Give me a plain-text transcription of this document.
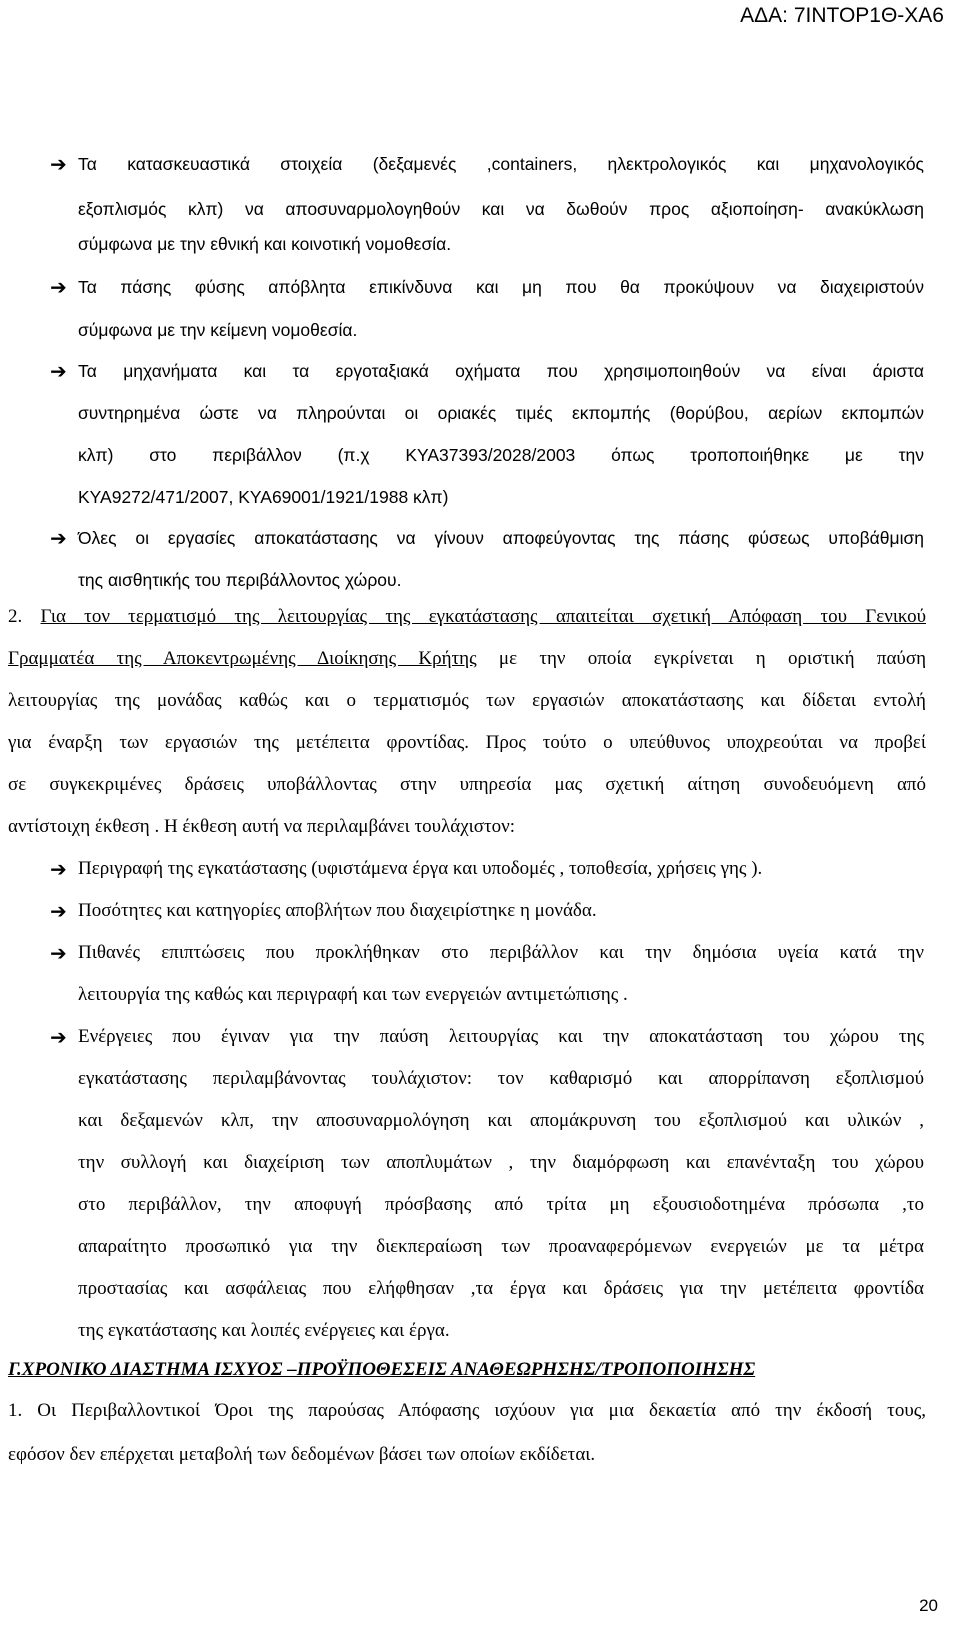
ΑΔΑ: 7ΙΝΤΟΡ1Θ-ΧΑ6
➔ Τα κατασκευαστικά στοιχεία (δεξαμενές ,containers, ηλεκτρολογικός και μηχανολογικός
εξοπλισμός κλπ) να αποσυναρμολογηθούν και να δωθούν προς αξιοποίηση- ανακύκλωση
σύμφωνα με την εθνική και κοινοτική νομοθεσία.
➔ Τα πάσης φύσης απόβλητα επικίνδυνα και μη που θα προκύψουν να διαχειριστούν
σύμφωνα με την κείμενη νομοθεσία.
➔ Τα μηχανήματα και τα εργοταξιακά οχήματα που χρησιμοποιηθούν να είναι άριστα
συντηρημένα ώστε να πληρούνται οι οριακές τιμές εκπομπής (θορύβου, αερίων εκπομπών
κλπ) στο περιβάλλον (π.χ ΚΥΑ37393/2028/2003 όπως τροποποιήθηκε με την
ΚΥΑ9272/471/2007, ΚΥΑ69001/1921/1988 κλπ)
➔ Όλες οι εργασίες αποκατάστασης να γίνουν αποφεύγοντας της πάσης φύσεως υποβάθμιση
της αισθητικής του περιβάλλοντος χώρου.
2. Για τον τερματισμό της λειτουργίας της εγκατάστασης απαιτείται σχετική Απόφαση του Γενικού
Γραμματέα της Αποκεντρωμένης Διοίκησης Κρήτης με την οποία εγκρίνεται η οριστική παύση
λειτουργίας της μονάδας καθώς και ο τερματισμός των εργασιών αποκατάστασης και δίδεται εντολή
για έναρξη των εργασιών της μετέπειτα φροντίδας. Προς τούτο ο υπεύθυνος υποχρεούται να προβεί
σε συγκεκριμένες δράσεις υποβάλλοντας στην υπηρεσία μας σχετική αίτηση συνοδευόμενη από
αντίστοιχη έκθεση . Η έκθεση αυτή να περιλαμβάνει τουλάχιστον:
➔ Περιγραφή της εγκατάστασης (υφιστάμενα έργα και υποδομές , τοποθεσία, χρήσεις γης ).
➔ Ποσότητες και κατηγορίες αποβλήτων που διαχειρίστηκε η μονάδα.
➔ Πιθανές επιπτώσεις που προκλήθηκαν στο περιβάλλον και την δημόσια υγεία κατά την
λειτουργία της καθώς και περιγραφή και των ενεργειών αντιμετώπισης .
➔ Ενέργειες που έγιναν για την παύση λειτουργίας και την αποκατάσταση του χώρου της
εγκατάστασης περιλαμβάνοντας τουλάχιστον: τον καθαρισμό και απορρίπανση εξοπλισμού
και δεξαμενών κλπ, την αποσυναρμολόγηση και απομάκρυνση του εξοπλισμού και υλικών ,
την συλλογή και διαχείριση των αποπλυμάτων , την διαμόρφωση και επανένταξη του χώρου
στο περιβάλλον, την αποφυγή πρόσβασης από τρίτα μη εξουσιοδοτημένα πρόσωπα ,το
απαραίτητο προσωπικό για την διεκπεραίωση των προαναφερόμενων ενεργειών με τα μέτρα
προστασίας και ασφάλειας που ελήφθησαν ,τα έργα και δράσεις για την μετέπειτα φροντίδα
της εγκατάστασης και λοιπές ενέργειες και έργα.
Γ.ΧΡΟΝΙΚΟ ΔΙΑΣΤΗΜΑ ΙΣΧΥΟΣ –ΠΡΟΫΠΟΘΕΣΕΙΣ ΑΝΑΘΕΩΡΗΣΗΣ/ΤΡΟΠΟΠΟΙΗΣΗΣ
1. Οι Περιβαλλοντικοί Όροι της παρούσας Απόφασης ισχύουν για μια δεκαετία από την έκδοσή τους,
εφόσον δεν επέρχεται μεταβολή των δεδομένων βάσει των οποίων εκδίδεται.
20
